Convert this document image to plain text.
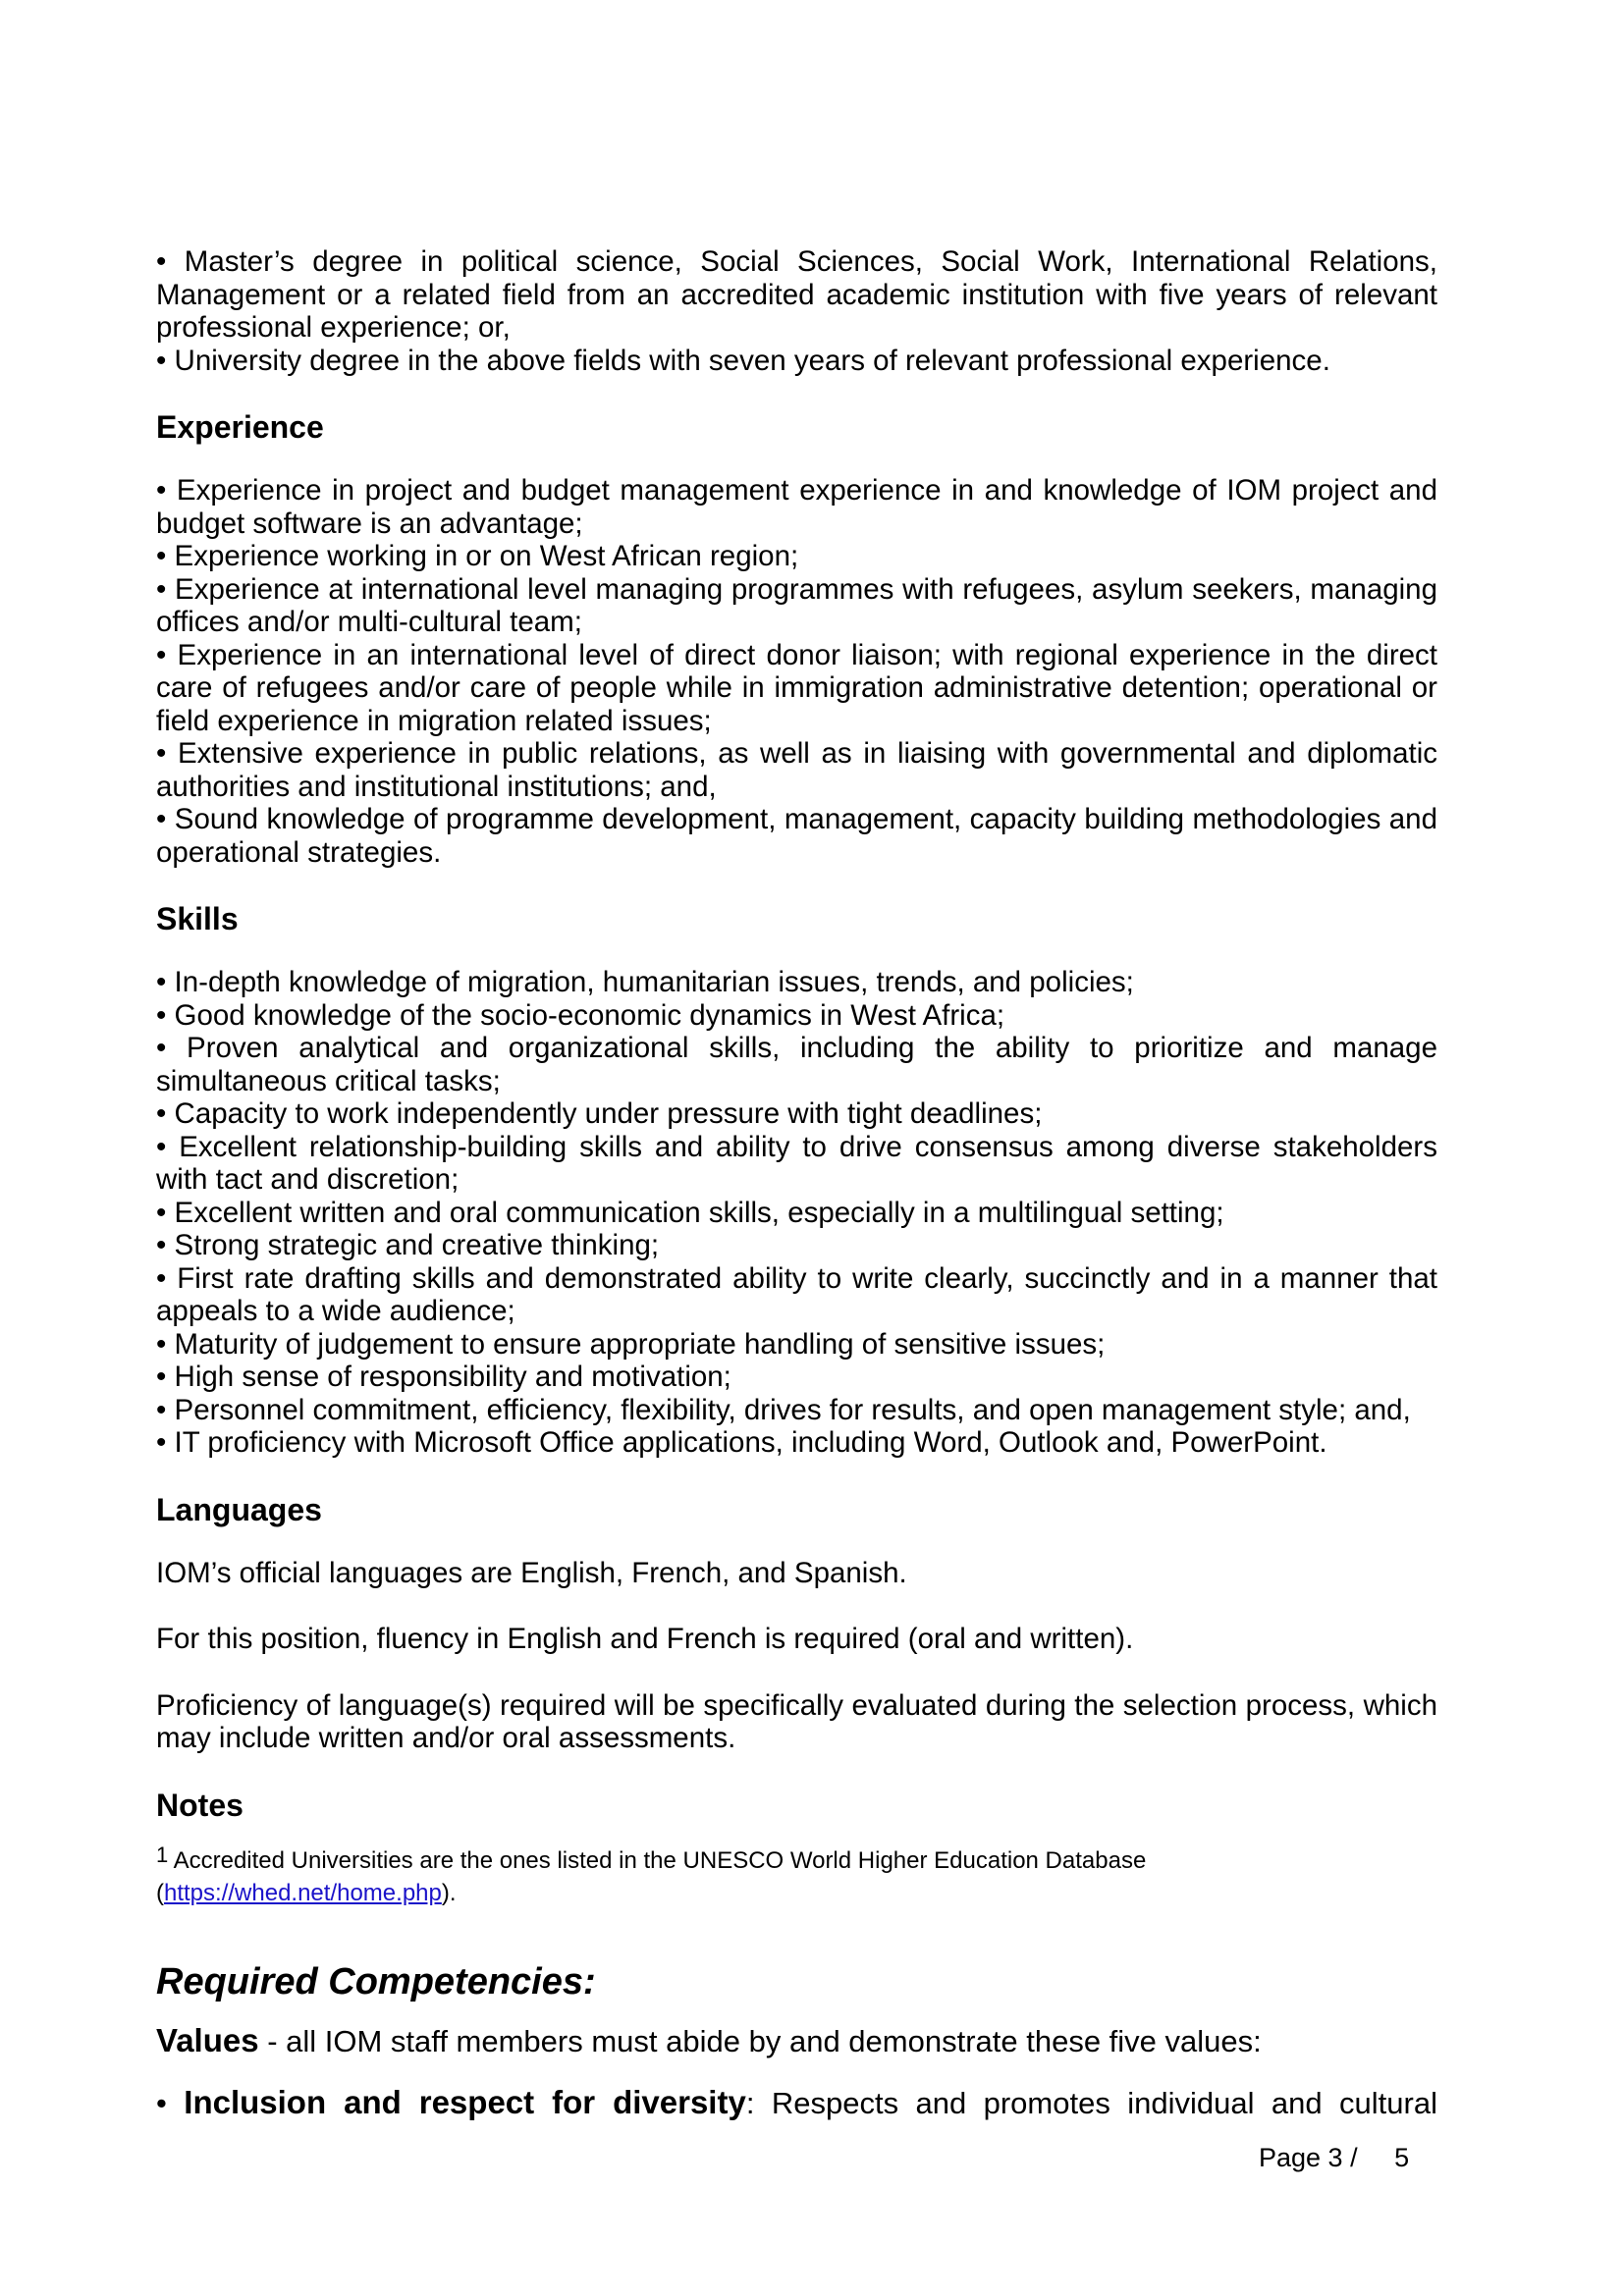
• Master’s degree in political science, Social Sciences, Social Work, International Relations, Management or a related field from an accredited academic institution with five years of relevant professional experience; or,

• University degree in the above fields with seven years of relevant professional experience.

Experience

• Experience in project and budget management experience in and knowledge of IOM project and budget software is an advantage;

• Experience working in or on West African region;

• Experience at international level managing programmes with refugees, asylum seekers, managing offices and/or multi-cultural team;

• Experience in an international level of direct donor liaison; with regional experience in the direct care of refugees and/or care of people while in immigration administrative detention; operational or field experience in migration related issues;

• Extensive experience in public relations, as well as in liaising with governmental and diplomatic authorities and institutional institutions; and,

• Sound knowledge of programme development, management, capacity building methodologies and operational strategies.

Skills

• In-depth knowledge of migration, humanitarian issues, trends, and policies;

• Good knowledge of the socio-economic dynamics in West Africa;

• Proven analytical and organizational skills, including the ability to prioritize and manage simultaneous critical tasks;

• Capacity to work independently under pressure with tight deadlines;

• Excellent relationship-building skills and ability to drive consensus among diverse stakeholders with tact and discretion;

• Excellent written and oral communication skills, especially in a multilingual setting;

• Strong strategic and creative thinking;

• First rate drafting skills and demonstrated ability to write clearly, succinctly and in a manner that appeals to a wide audience;

• Maturity of judgement to ensure appropriate handling of sensitive issues;

• High sense of responsibility and motivation;

• Personnel commitment, efficiency, flexibility, drives for results, and open management style; and,

• IT proficiency with Microsoft Office applications, including Word, Outlook and, PowerPoint.

Languages

IOM’s official languages are English, French, and Spanish.

For this position, fluency in English and French is required (oral and written).

Proficiency of language(s) required will be specifically evaluated during the selection process, which may include written and/or oral assessments.

Notes
$^1$ Accredited Universities are the ones listed in the UNESCO World Higher Education Database
(https://whed.net/home.php).
Required Competencies:

Values - all IOM staff members must abide by and demonstrate these five values:

• Inclusion and respect for diversity: Respects and promotes individual and cultural

Page 3 / 5
